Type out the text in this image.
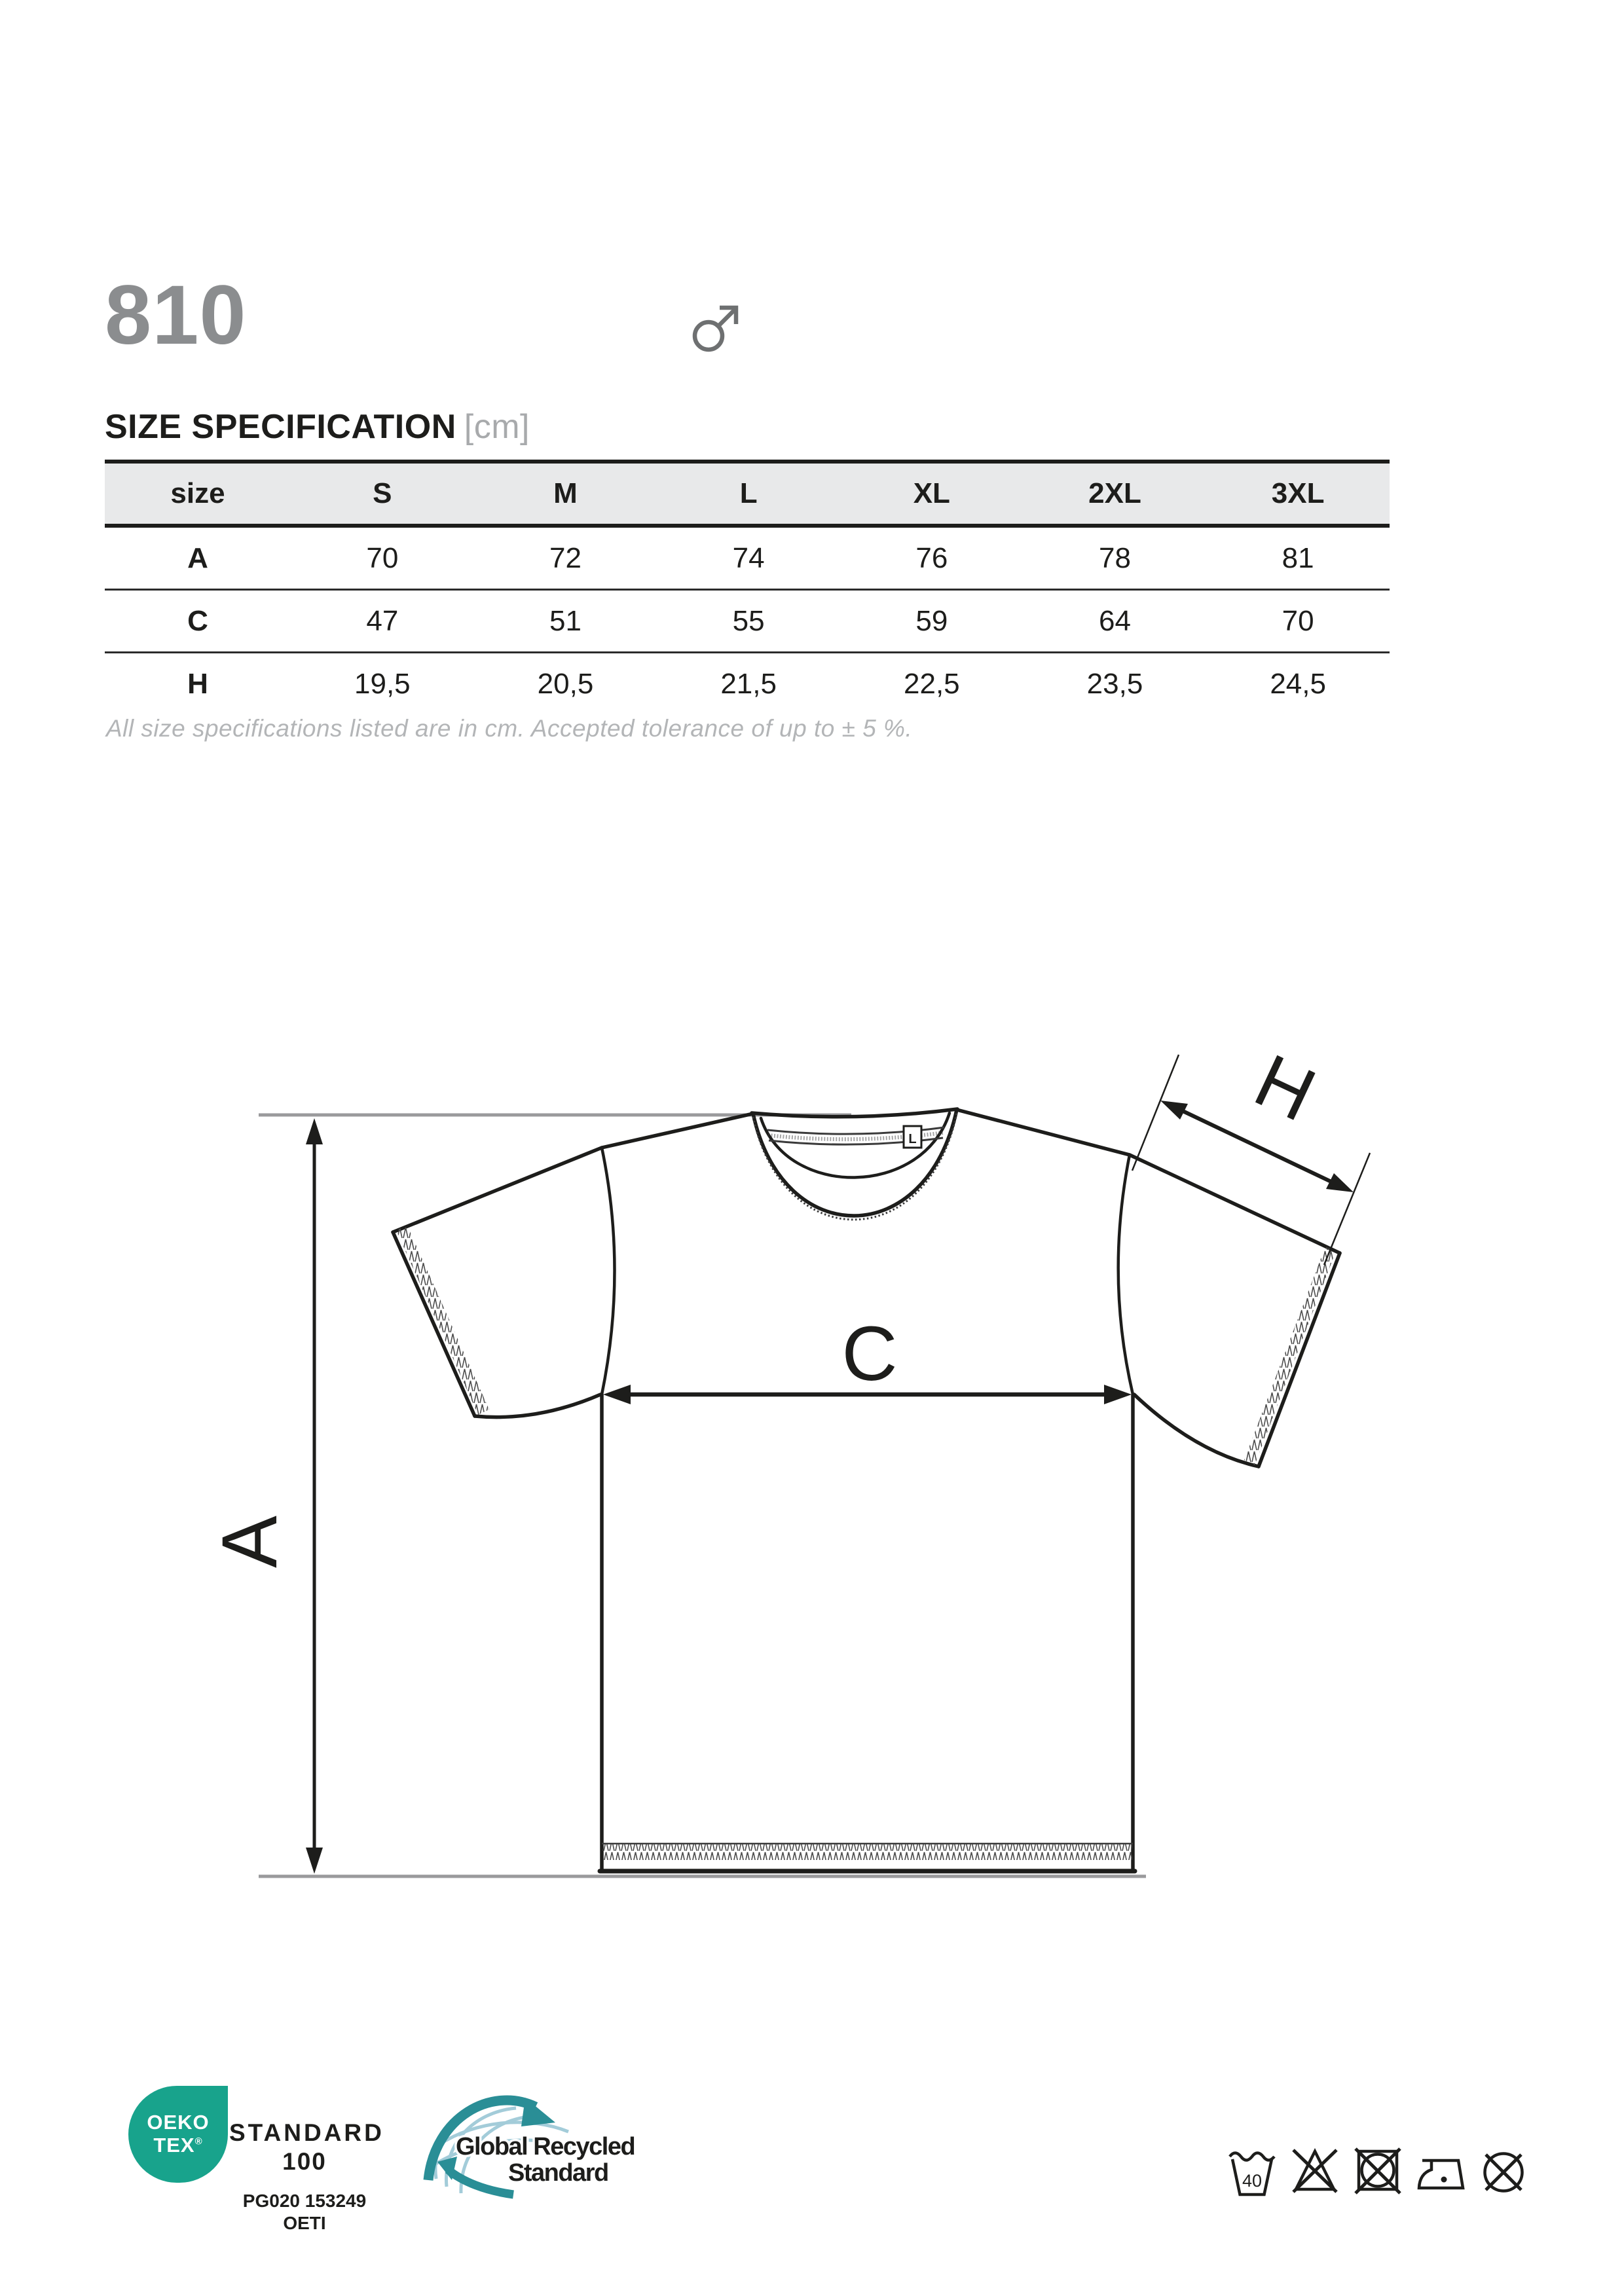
810
SIZE SPECIFICATION [cm]
size	S	M	L	XL	2XL	3XL
A	70	72	74	76	78	81
C	47	51	55	59	64	70
H	19,5	20,5	21,5	22,5	23,5	24,5
All size specifications listed are in cm. Accepted tolerance of up to ± 5 %.
A
L
C
H
OEKO
TEX® STANDARD
100
PG020 153249
OETI
Global Recycled
Standard	40
